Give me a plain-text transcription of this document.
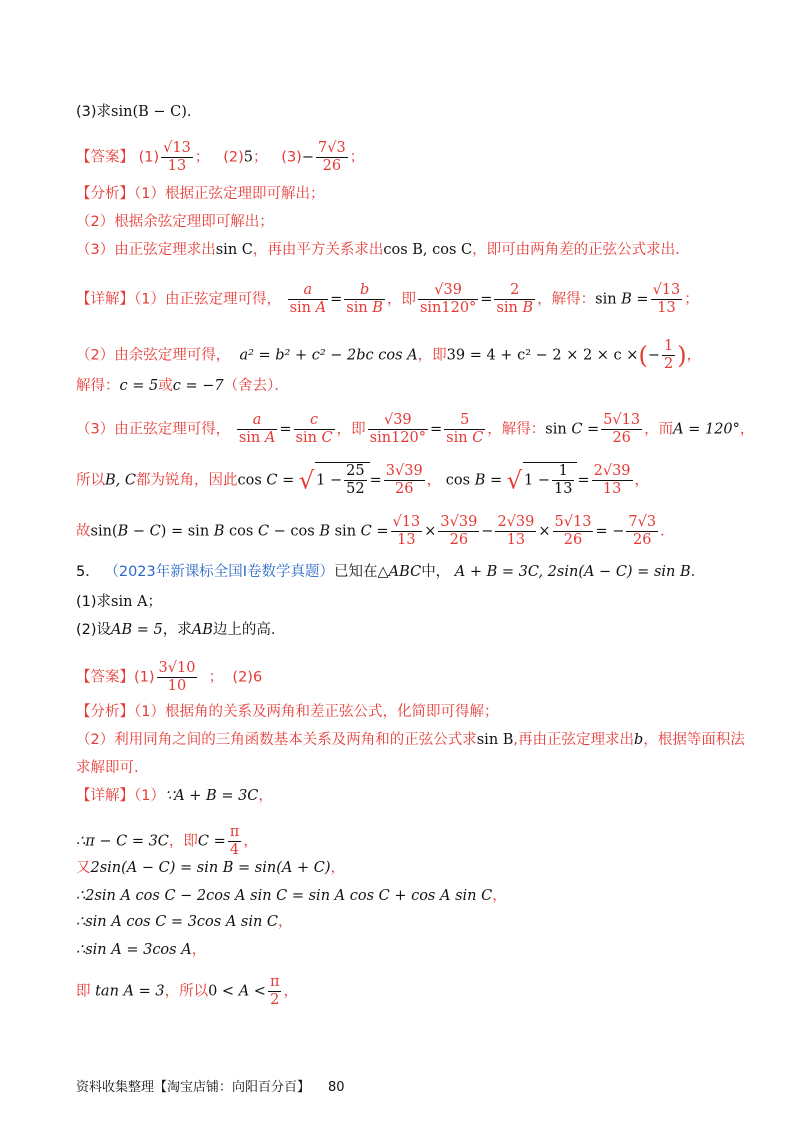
(3)求sin(B − C).
【答案】 $(1) \frac{√13}{13}$ ； (2)5； $(3)- \frac{7√3}{26}$ ；
【分析】（1）根据正弦定理即可解出；
（2）根据余弦定理即可解出；
（3）由正弦定理求出sin C，再由平方关系求出cos B, cos C，即可由两角差的正弦公式求出．
【详解】（1）由正弦定理可得， $\frac{a}{\text{sin A}} = \frac{b}{\text{sin B}}$ ，即 $\frac{√39}{\sin 120^\circ} = \frac{2}{\text{sin B}}$ ，解得：$\sin B = \frac{√13}{13}$ ；
（2）由余弦定理可得， a² = b² + c² − 2bc cos A，即39 = 4 + c² − 2 × 2 × c ×(− $\frac{1}{2}$ )，
解得：c = 5或c = −7（舍去）．
（3）由正弦定理可得， $\frac{a}{\text{sin A}} = \frac{c}{\text{sin C}}$ ，即 $\frac{√39}{\sin 120^\circ} = \frac{5}{\text{sin C}}$ ，解得：$\sin C = \frac{5√13}{26}$ ，而A = 120°，
所以B, C都为锐角，因此cos C = √ $1 - \frac{25}{52} = \frac{3√39}{26}$ ， cos B = √ $1 - \frac{1}{13} = \frac{2√39}{13}$ ，
故sin(B − C) = sin B cos C − cos B $\sin C = \frac{√13}{13} \times \frac{3√39}{26} - \frac{2√39}{13} \times \frac{5√13}{26}$ = − $\frac{7√3}{26}$ ．
5． （2023年新课标全国Ⅰ卷数学真题）已知在△ABC中， A + B = 3C, 2sin(A − C) = sin B．
(1)求sin A；
(2)设AB = 5，求AB边上的高．
【答案】$(1) \frac{3√10}{10}$ ； (2)6
【分析】（1）根据角的关系及两角和差正弦公式，化简即可得解；
（2）利用同角之间的三角函数基本关系及两角和的正弦公式求sin B,再由正弦定理求出b，根据等面积法
求解即可.
【详解】（1）∵A + B = 3C，
∴π − C = 3C，即$C = \frac{\pi}{4}$ ，
又2sin(A − C) = sin B = sin(A + C)，
∴2sin A cos C − 2cos A sin C = sin A cos C + cos A sin C，
∴sin A cos C = 3cos A sin C，
∴sin A = 3cos A，
即 tan A = 3，所以$0 < A < \frac{\pi}{2}$ ，
资料收集整理【淘宝店铺：向阳百分百】 80
